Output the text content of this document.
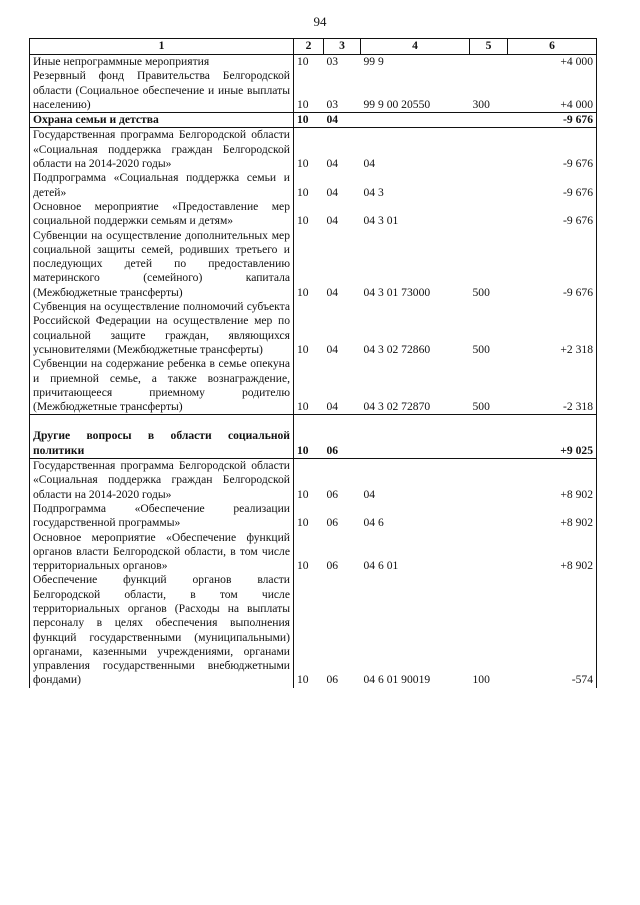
94
1	2	3	4	5	6
Иные непрограммные мероприятия	10	03	99 9		+4 000
Резервный фонд Правительства Белгородской области (Социальное обеспечение и иные выплаты населению)	10	03	99 9 00 20550	300	+4 000
Охрана семьи и детства	10	04			-9 676
Государственная программа Белгородской области «Социальная поддержка граждан Белгородской области на 2014-2020 годы»	10	04	04		-9 676
Подпрограмма «Социальная поддержка семьи и детей»	10	04	04 3		-9 676
Основное мероприятие «Предоставление мер социальной поддержки семьям и детям»	10	04	04 3 01		-9 676
Субвенции на осуществление дополнительных мер социальной защиты семей, родивших третьего и последующих детей по предоставлению материнского (семейного) капитала (Межбюджетные трансферты)	10	04	04 3 01 73000	500	-9 676
Субвенция на осуществление полномочий субъекта Российской Федерации на осуществление мер по социальной защите граждан, являющихся усыновителями (Межбюджетные трансферты)	10	04	04 3 02 72860	500	+2 318
Субвенции на содержание ребенка в семье опекуна и приемной семье, а также вознаграждение, причитающееся приемному родителю (Межбюджетные трансферты)	10	04	04 3 02 72870	500	-2 318
Другие вопросы в области социальной политики	10	06			+9 025
Государственная программа Белгородской области «Социальная поддержка граждан Белгородской области на 2014-2020 годы»	10	06	04		+8 902
Подпрограмма «Обеспечение реализации государственной программы»	10	06	04 6		+8 902
Основное мероприятие «Обеспечение функций органов власти Белгородской области, в том числе территориальных органов»	10	06	04 6 01		+8 902
Обеспечение функций органов власти Белгородской области, в том числе территориальных органов (Расходы на выплаты персоналу в целях обеспечения выполнения функций государственными (муниципальными) органами, казенными учреждениями, органами управления государственными внебюджетными фондами)	10	06	04 6 01 90019	100	-574
